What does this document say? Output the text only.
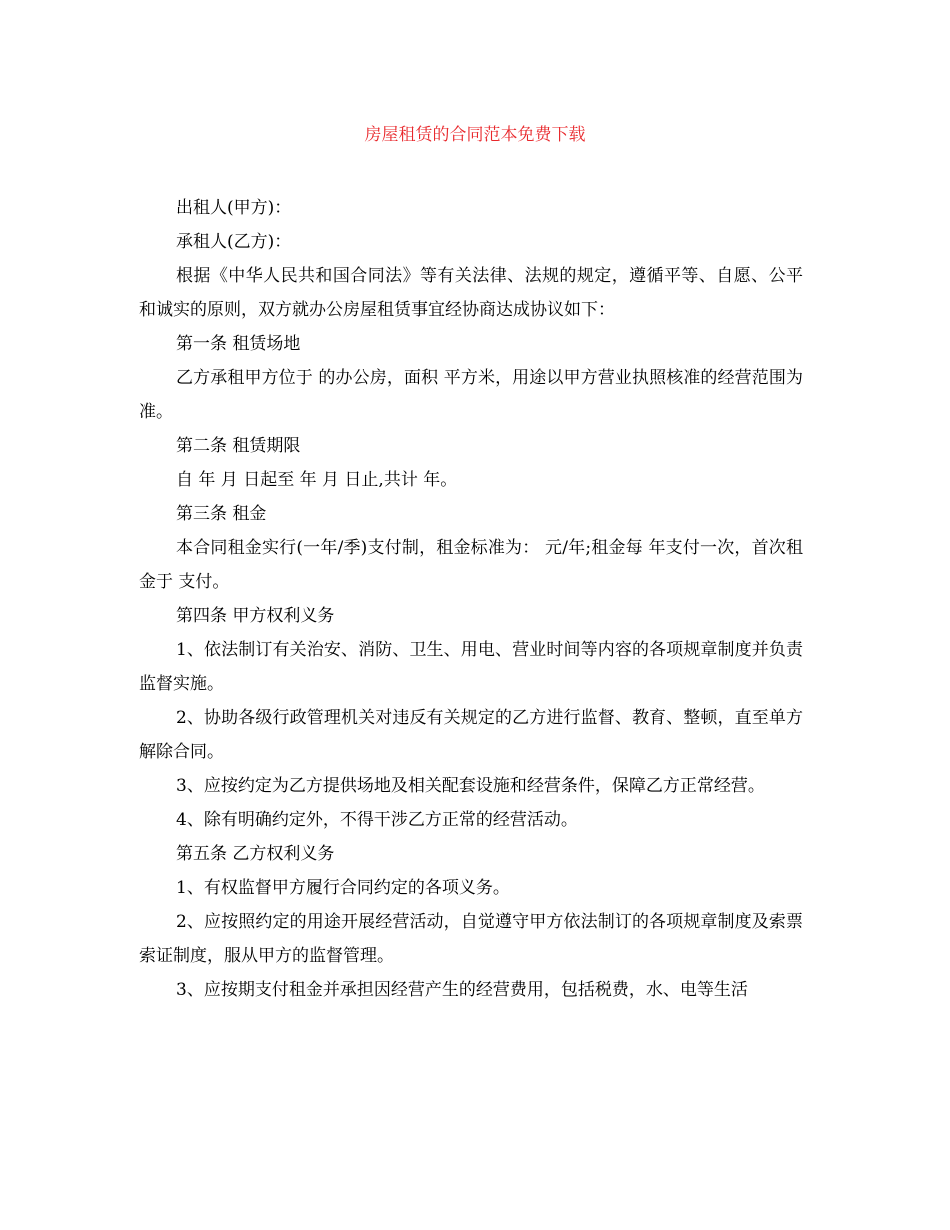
房屋租赁的合同范本免费下载

出租人(甲方)：

承租人(乙方)：

根据《中华人民共和国合同法》等有关法律、法规的规定，遵循平等、自愿、公平和诚实的原则，双方就办公房屋租赁事宜经协商达成协议如下：

第一条 租赁场地

乙方承租甲方位于 的办公房，面积 平方米，用途以甲方营业执照核准的经营范围为准。

第二条 租赁期限

自 年 月 日起至 年 月 日止,共计 年。

第三条 租金

本合同租金实行(一年/季)支付制，租金标准为： 元/年;租金每 年支付一次，首次租金于 支付。

第四条 甲方权利义务

1、依法制订有关治安、消防、卫生、用电、营业时间等内容的各项规章制度并负责监督实施。

2、协助各级行政管理机关对违反有关规定的乙方进行监督、教育、整顿，直至单方解除合同。

3、应按约定为乙方提供场地及相关配套设施和经营条件，保障乙方正常经营。

4、除有明确约定外，不得干涉乙方正常的经营活动。

第五条 乙方权利义务

1、有权监督甲方履行合同约定的各项义务。

2、应按照约定的用途开展经营活动，自觉遵守甲方依法制订的各项规章制度及索票索证制度，服从甲方的监督管理。

3、应按期支付租金并承担因经营产生的经营费用，包括税费，水、电等生活
